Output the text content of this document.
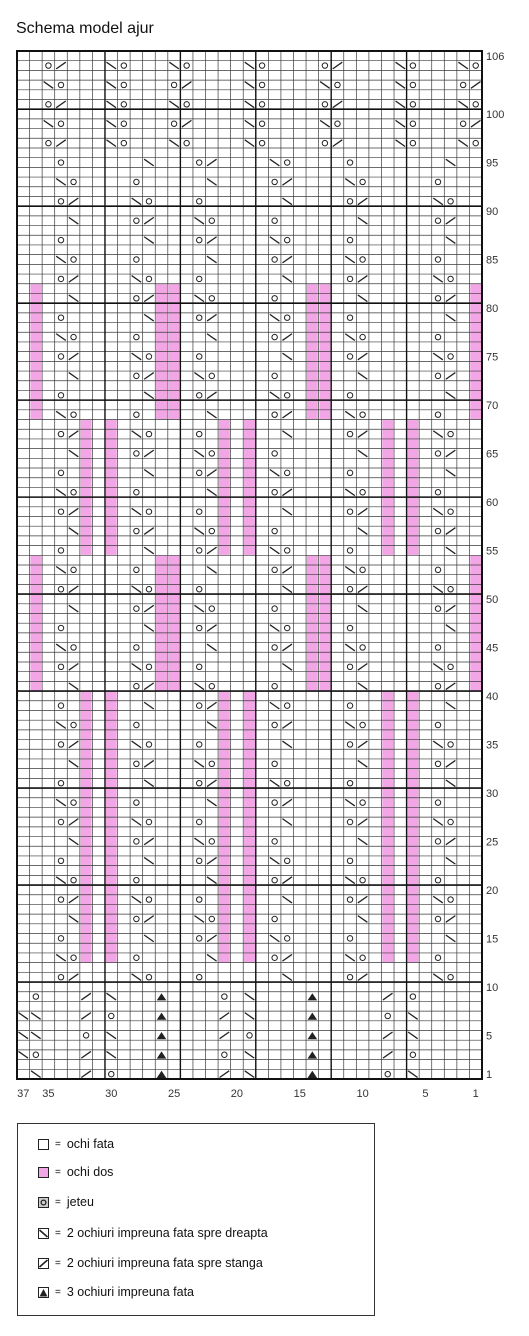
Schema model ajur
1
5
10
15
20
25
30
35
40
45
50
55
60
65
70
75
80
85
90
95
100
106
37 35	30	25	20	15	10	5	1
= ochi fata
= ochi dos
= jeteu
= 2 ochiuri impreuna fata spre dreapta
= 2 ochiuri impreuna fata spre stanga
= 3 ochiuri impreuna fata
